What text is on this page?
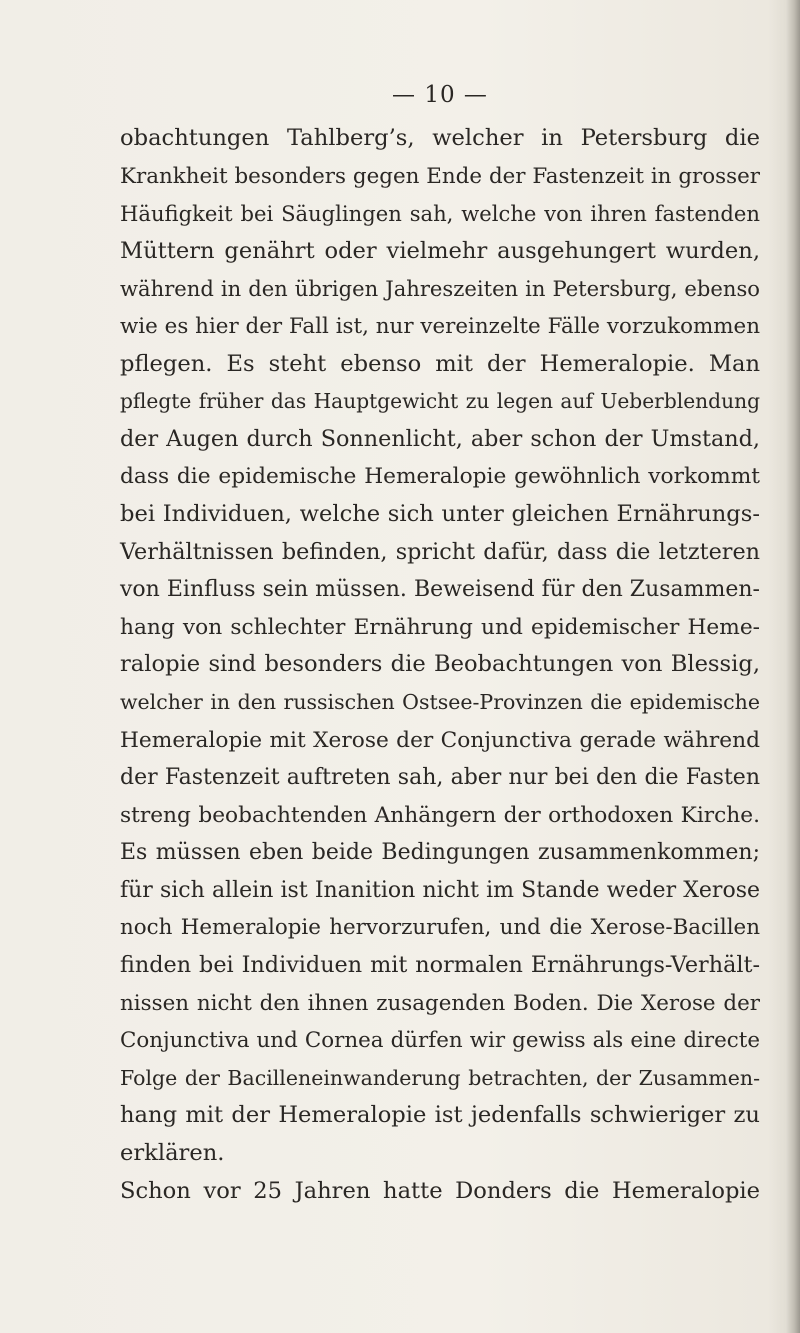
— 10 —
obachtungen Tahlberg’s, welcher in Petersburg die
Krankheit besonders gegen Ende der Fastenzeit in grosser
Häufigkeit bei Säuglingen sah, welche von ihren fastenden
Müttern genährt oder vielmehr ausgehungert wurden,
während in den übrigen Jahreszeiten in Petersburg, ebenso
wie es hier der Fall ist, nur vereinzelte Fälle vorzukommen
pflegen. Es steht ebenso mit der Hemeralopie. Man
pflegte früher das Hauptgewicht zu legen auf Ueberblendung
der Augen durch Sonnenlicht, aber schon der Umstand,
dass die epidemische Hemeralopie gewöhnlich vorkommt
bei Individuen, welche sich unter gleichen Ernährungs-
Verhältnissen befinden, spricht dafür, dass die letzteren
von Einfluss sein müssen. Beweisend für den Zusammen-
hang von schlechter Ernährung und epidemischer Heme-
ralopie sind besonders die Beobachtungen von Blessig,
welcher in den russischen Ostsee-Provinzen die epidemische
Hemeralopie mit Xerose der Conjunctiva gerade während
der Fastenzeit auftreten sah, aber nur bei den die Fasten
streng beobachtenden Anhängern der orthodoxen Kirche.
Es müssen eben beide Bedingungen zusammenkommen;
für sich allein ist Inanition nicht im Stande weder Xerose
noch Hemeralopie hervorzurufen, und die Xerose-Bacillen
finden bei Individuen mit normalen Ernährungs-Verhält-
nissen nicht den ihnen zusagenden Boden. Die Xerose der
Conjunctiva und Cornea dürfen wir gewiss als eine directe
Folge der Bacilleneinwanderung betrachten, der Zusammen-
hang mit der Hemeralopie ist jedenfalls schwieriger zu
erklären.
Schon vor 25 Jahren hatte Donders die Hemeralopie
